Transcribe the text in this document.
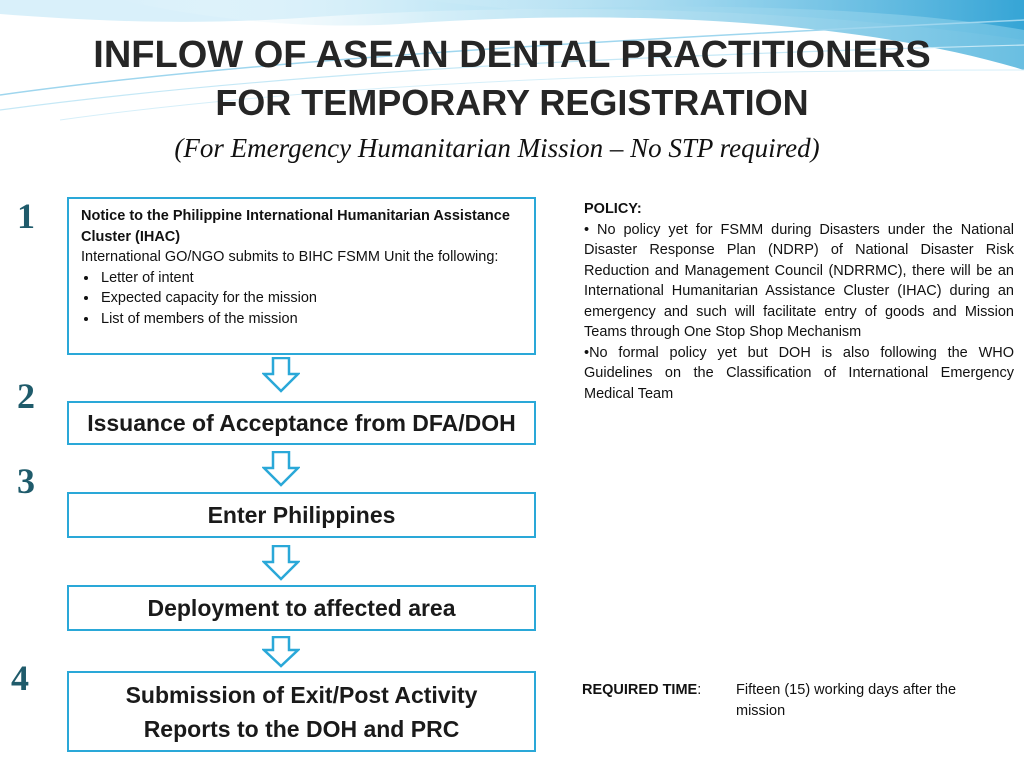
INFLOW OF ASEAN DENTAL PRACTITIONERS
FOR TEMPORARY REGISTRATION
(For Emergency Humanitarian Mission – No STP required)
1
2
3
4
Notice to the Philippine International Humanitarian Assistance Cluster (IHAC)
International GO/NGO submits to BIHC FSMM Unit the following:
• Letter of intent
• Expected capacity for the mission
• List of members of the mission
Issuance of Acceptance from DFA/DOH
Enter Philippines
Deployment to affected area
Submission of Exit/Post Activity
Reports to the DOH and PRC

POLICY:

• No policy yet for FSMM during Disasters under the National Disaster Response Plan (NDRP) of National Disaster Risk Reduction and Management Council (NDRRMC), there will be an International Humanitarian Assistance Cluster (IHAC) during an emergency and such will facilitate entry of goods and Mission Teams through One Stop Shop Mechanism

•No formal policy yet but DOH is also following the WHO Guidelines on the Classification of International Emergency Medical Team

REQUIRED TIME: Fifteen (15) working days after the mission
